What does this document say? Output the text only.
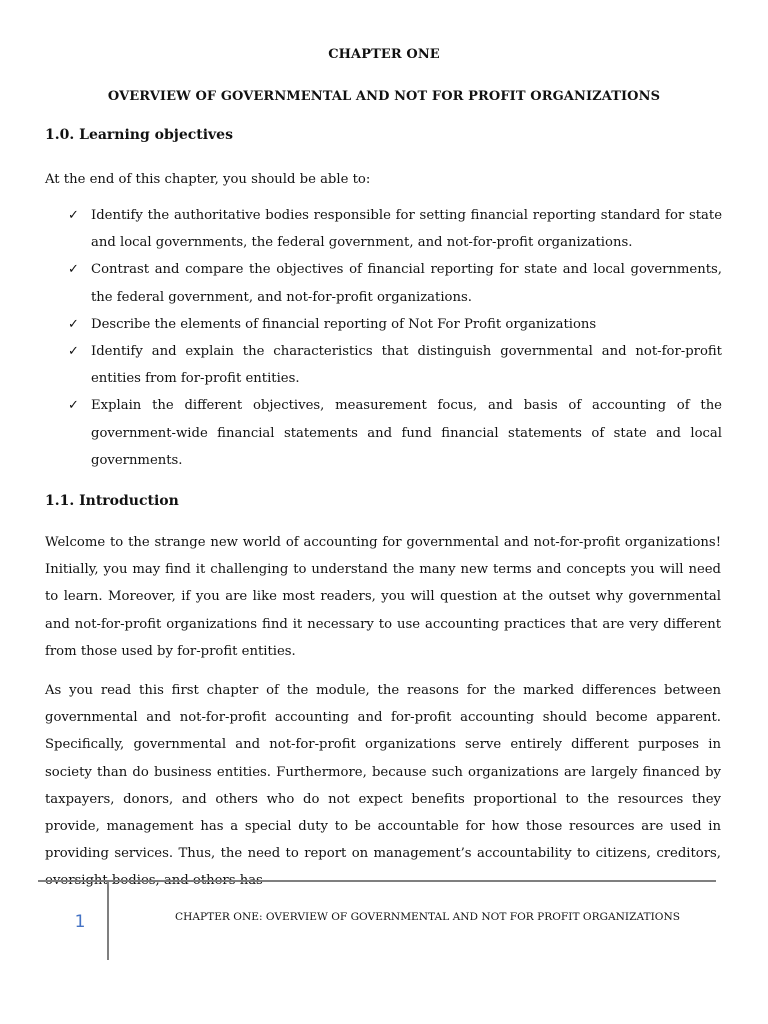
CHAPTER ONE
OVERVIEW OF GOVERNMENTAL AND NOT FOR PROFIT ORGANIZATIONS
1.0. Learning objectives

At the end of this chapter, you should be able to:

✓ Identify the authoritative bodies responsible for setting financial reporting standard for state and local governments, the federal government, and not-for-profit organizations.
✓ Contrast and compare the objectives of financial reporting for state and local governments, the federal government, and not-for-profit organizations.
✓ Describe the elements of financial reporting of Not For Profit organizations
✓ Identify and explain the characteristics that distinguish governmental and not-for-profit entities from for-profit entities.
✓ Explain the different objectives, measurement focus, and basis of accounting of the government-wide financial statements and fund financial statements of state and local governments.
1.1. Introduction

Welcome to the strange new world of accounting for governmental and not-for-profit organizations! Initially, you may find it challenging to understand the many new terms and concepts you will need to learn. Moreover, if you are like most readers, you will question at the outset why governmental and not-for-profit organizations find it necessary to use accounting practices that are very different from those used by for-profit entities.

As you read this first chapter of the module, the reasons for the marked differences between governmental and not-for-profit accounting and for-profit accounting should become apparent. Specifically, governmental and not-for-profit organizations serve entirely different purposes in society than do business entities. Furthermore, because such organizations are largely financed by taxpayers, donors, and others who do not expect benefits proportional to the resources they provide, management has a special duty to be accountable for how those resources are used in providing services. Thus, the need to report on management’s accountability to citizens, creditors,

1	CHAPTER ONE: OVERVIEW OF GOVERNMENTAL AND NOT FOR PROFIT ORGANIZATIONS
